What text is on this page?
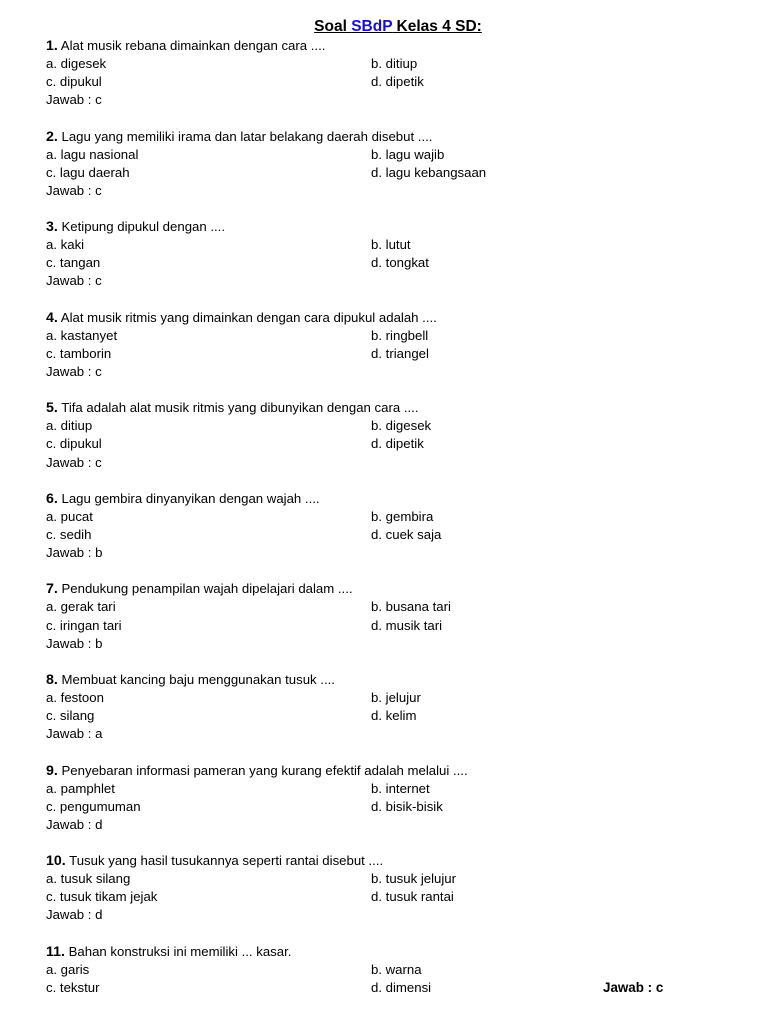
Soal SBdP Kelas 4 SD:
1. Alat musik rebana dimainkan dengan cara ....
a. digesek	b. ditiup
c. dipukul	d. dipetik
Jawab : c
2. Lagu yang memiliki irama dan latar belakang daerah disebut ....
a. lagu nasional	b. lagu wajib
c. lagu daerah	d. lagu kebangsaan
Jawab : c
3. Ketipung dipukul dengan ....
a. kaki	b. lutut
c. tangan	d. tongkat
Jawab : c
4. Alat musik ritmis yang dimainkan dengan cara dipukul adalah ....
a. kastanyet	b. ringbell
c. tamborin	d. triangel
Jawab : c
5. Tifa adalah alat musik ritmis yang dibunyikan dengan cara ....
a. ditiup	b. digesek
c. dipukul	d. dipetik
Jawab : c
6. Lagu gembira dinyanyikan dengan wajah ....
a. pucat	b. gembira
c. sedih	d. cuek saja
Jawab : b
7. Pendukung penampilan wajah dipelajari dalam ....
a. gerak tari	b. busana tari
c. iringan tari	d. musik tari
Jawab : b
8. Membuat kancing baju menggunakan tusuk ....
a. festoon	b. jelujur
c. silang	d. kelim
Jawab : a
9. Penyebaran informasi pameran yang kurang efektif adalah melalui ....
a. pamphlet	b. internet
c. pengumuman	d. bisik-bisik
Jawab : d
10. Tusuk yang hasil tusukannya seperti rantai disebut ....
a. tusuk silang	b. tusuk jelujur
c. tusuk tikam jejak	d. tusuk rantai
Jawab : d
11. Bahan konstruksi ini memiliki ... kasar.
a. garis	b. warna
c. tekstur	d. dimensi	Jawab : c
